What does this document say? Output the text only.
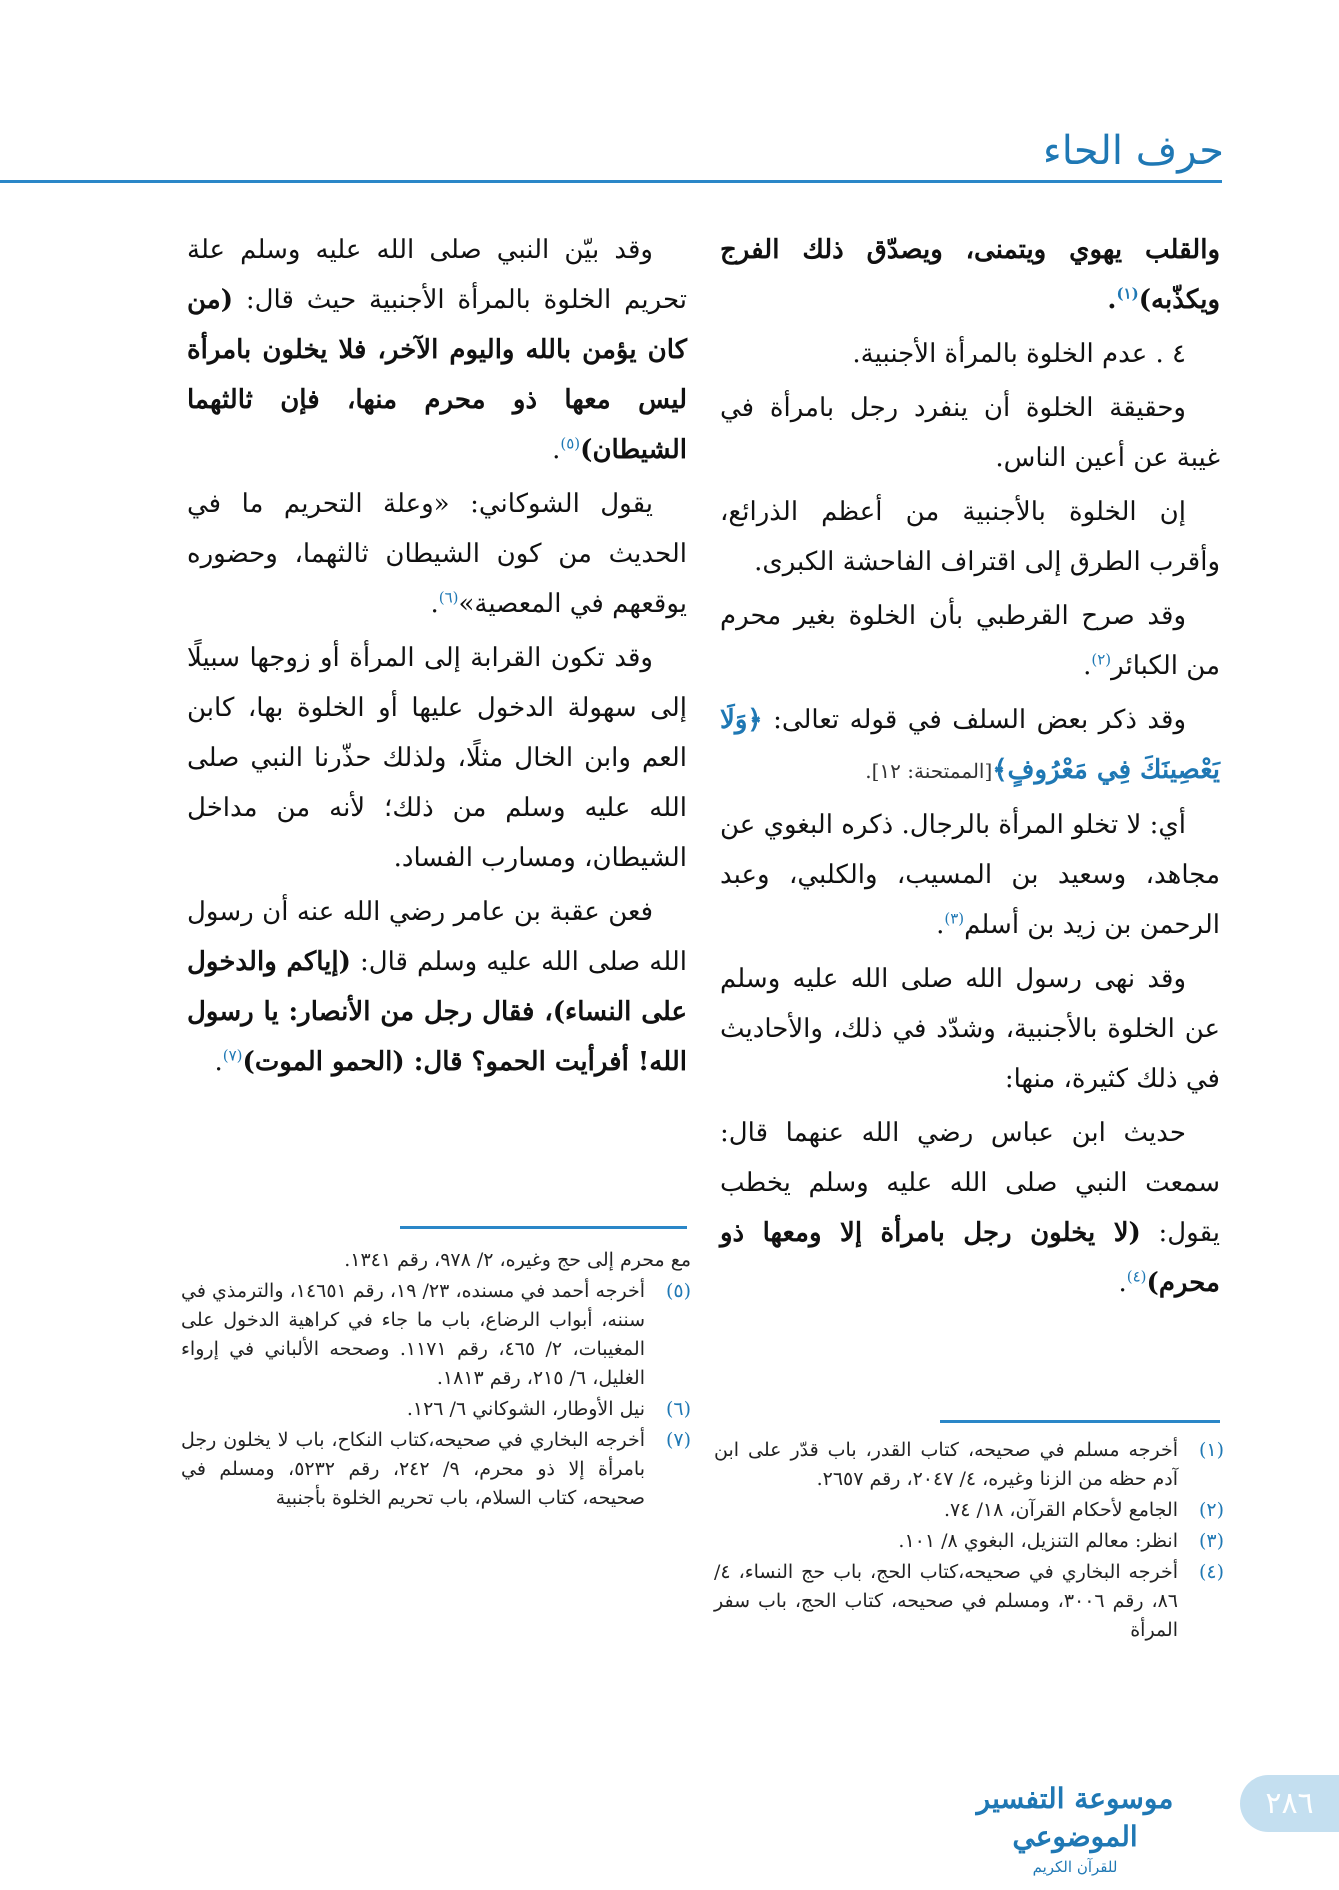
حرف الحاء

والقلب يهوي ويتمنى، ويصدّق ذلك الفرج ويكذّبه)$^{(١)}$.

٤ . عدم الخلوة بالمرأة الأجنبية.

وحقيقة الخلوة أن ينفرد رجل بامرأة في غيبة عن أعين الناس.

إن الخلوة بالأجنبية من أعظم الذرائع، وأقرب الطرق إلى اقتراف الفاحشة الكبرى.

وقد صرح القرطبي بأن الخلوة بغير محرم من الكبائر$^{(٢)}$.

وقد ذكر بعض السلف في قوله تعالى: ﴿وَلَا يَعْصِينَكَ فِي مَعْرُوفٍ﴾[الممتحنة: ١٢].

أي: لا تخلو المرأة بالرجال. ذكره البغوي عن مجاهد، وسعيد بن المسيب، والكلبي، وعبد الرحمن بن زيد بن أسلم$^{(٣)}$.

وقد نهى رسول الله صلى الله عليه وسلم عن الخلوة بالأجنبية، وشدّد في ذلك، والأحاديث في ذلك كثيرة، منها:

حديث ابن عباس رضي الله عنهما قال: سمعت النبي صلى الله عليه وسلم يخطب يقول: (لا يخلون رجل بامرأة إلا ومعها ذو محرم)$^{(٤)}$.

وقد بيّن النبي صلى الله عليه وسلم علة تحريم الخلوة بالمرأة الأجنبية حيث قال: (من كان يؤمن بالله واليوم الآخر، فلا يخلون بامرأة ليس معها ذو محرم منها، فإن ثالثهما الشيطان)$^{(٥)}$.

يقول الشوكاني: «وعلة التحريم ما في الحديث من كون الشيطان ثالثهما، وحضوره يوقعهم في المعصية»$^{(٦)}$.

وقد تكون القرابة إلى المرأة أو زوجها سبيلًا إلى سهولة الدخول عليها أو الخلوة بها، كابن العم وابن الخال مثلًا، ولذلك حذّرنا النبي صلى الله عليه وسلم من ذلك؛ لأنه من مداخل الشيطان، ومسارب الفساد.

فعن عقبة بن عامر رضي الله عنه أن رسول الله صلى الله عليه وسلم قال: (إياكم والدخول على النساء)، فقال رجل من الأنصار: يا رسول الله! أفرأيت الحمو؟ قال: (الحمو الموت)$^{(٧)}$.

(١)
أخرجه مسلم في صحيحه، كتاب القدر، باب قدّر على ابن آدم حظه من الزنا وغيره، ٤/ ٢٠٤٧، رقم ٢٦٥٧.
(٢)
الجامع لأحكام القرآن، ١٨/ ٧٤.
(٣)
انظر: معالم التنزيل، البغوي ٨/ ١٠١.
(٤)
أخرجه البخاري في صحيحه،كتاب الحج، باب حج النساء، ٤/ ٨٦، رقم ٣٠٠٦، ومسلم في صحيحه، كتاب الحج، باب سفر المرأة
مع محرم إلى حج وغيره، ٢/ ٩٧٨، رقم ١٣٤١.
(٥)
أخرجه أحمد في مسنده، ٢٣/ ١٩، رقم ١٤٦٥١، والترمذي في سننه، أبواب الرضاع، باب ما جاء في كراهية الدخول على المغيبات، ٢/ ٤٦٥، رقم ١١٧١. وصححه الألباني في إرواء الغليل، ٦/ ٢١٥، رقم ١٨١٣.
(٦)
نيل الأوطار، الشوكاني ٦/ ١٢٦.
(٧)
أخرجه البخاري في صحيحه،كتاب النكاح، باب لا يخلون رجل بامرأة إلا ذو محرم، ٩/ ٢٤٢، رقم ٥٢٣٢، ومسلم في صحيحه، كتاب السلام، باب تحريم الخلوة بأجنبية
٢٨٦
موسوعة التفسير الموضوعي
للقرآن الكريم
